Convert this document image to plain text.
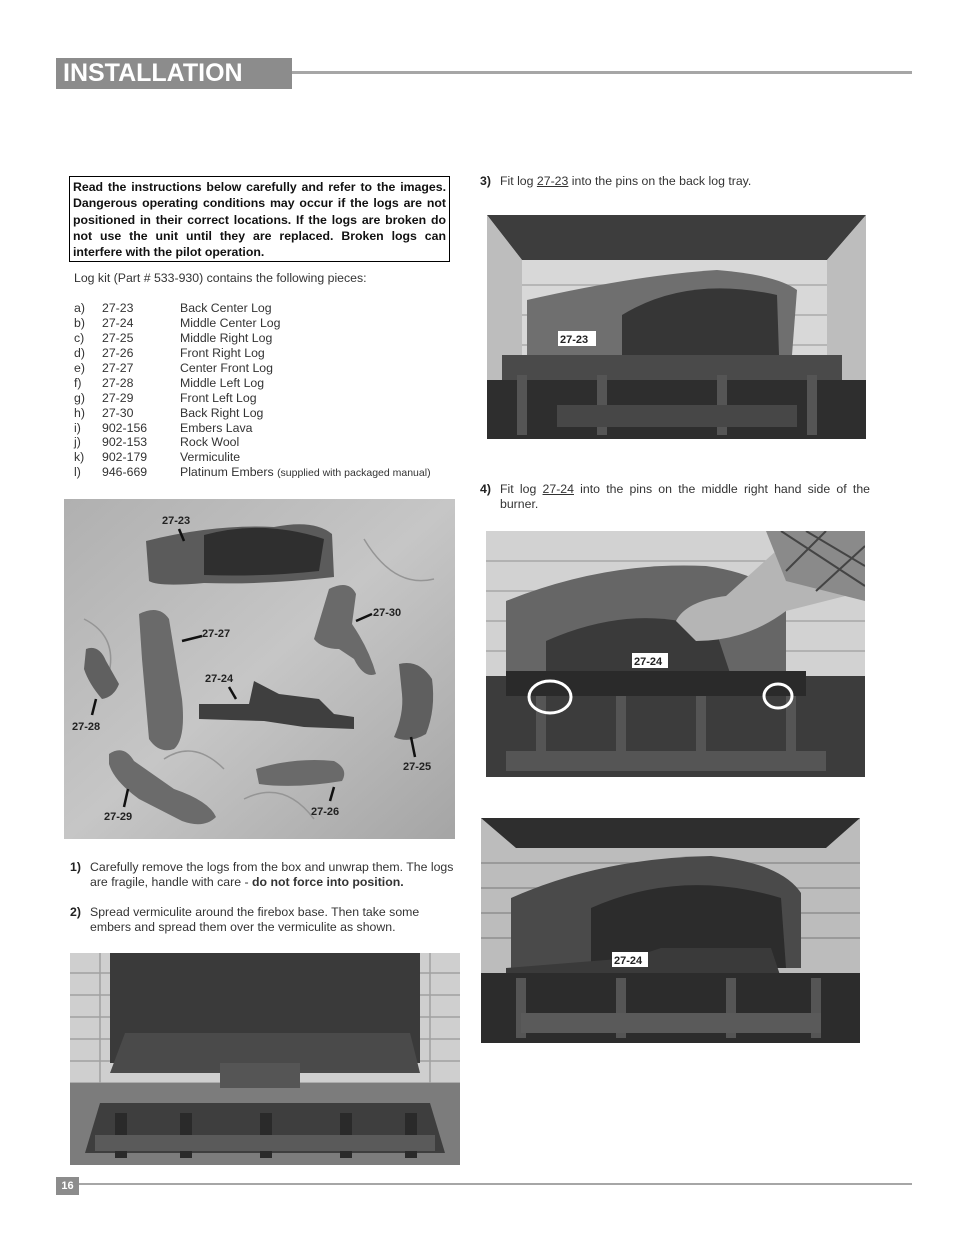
INSTALLATION
Read the instructions below carefully and refer to the images. Dangerous operating conditions may occur if the logs are not positioned in their correct locations. If the logs are broken do not use the unit until they are replaced. Broken logs can interfere with the pilot operation.
Log kit (Part # 533-930) contains the following pieces:
a) 27-23	Back Center Log
b) 27-24	Middle Center Log
c) 27-25	Middle Right Log
d) 27-26	Front Right Log
e) 27-27	Center Front Log
f) 27-28	Middle Left Log
g) 27-29	Front Left Log
h) 27-30	Back Right Log
i) 902-156	Embers Lava
j) 902-153	Rock Wool
k) 902-179	Vermiculite
l) 946-669	Platinum Embers (supplied with packaged manual)
27-23
27-27
27-30
27-24
27-28
27-25
27-26
27-29
1) Carefully remove the logs from the box and unwrap them. The logs are fragile, handle with care - do not force into position.
2) Spread vermiculite around the firebox base. Then take some embers and spread them over the vermiculite as shown.
3) Fit log 27-23 into the pins on the back log tray.
27-23
4) Fit log 27-24 into the pins on the middle right hand side of the burner.
27-24
27-24
16
